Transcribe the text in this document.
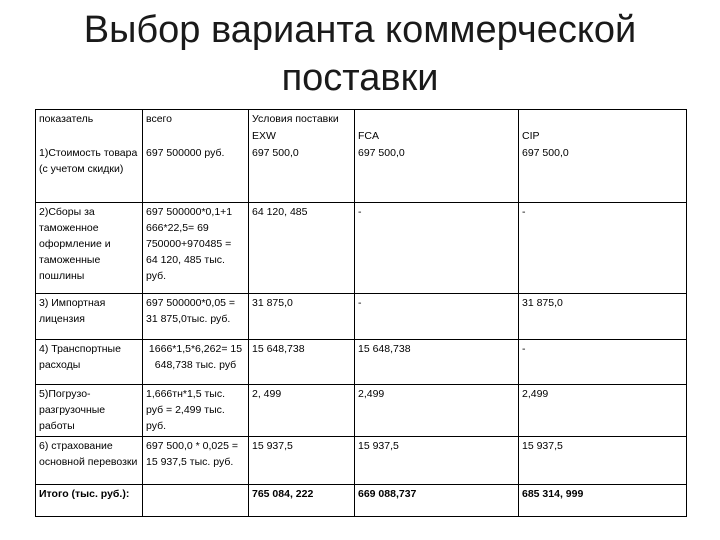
Выбор варианта коммерческой
поставки
показатель	всего	Условия поставки		
		EXW	FCA	CIP
1)Стоимость товара (с учетом скидки)	697 500000 руб.	697 500,0	697 500,0	697 500,0
2)Сборы за таможенное оформление и таможенные пошлины	697 500000*0,1+1 666*22,5= 69 750000+970485 = 64 120, 485 тыс. руб.	64 120, 485	-	-
3) Импортная лицензия	697 500000*0,05 = 31 875,0тыс. руб.	31 875,0	-	31 875,0
4) Транспортные расходы	1666*1,5*6,262= 15 648,738 тыс. руб	15 648,738	15 648,738	-
5)Погрузо-разгрузочные работы	1,666тн*1,5 тыс. руб = 2,499 тыс. руб.	2, 499	2,499	2,499
6) страхование основной перевозки	697 500,0 * 0,025 = 15 937,5 тыс. руб.	15 937,5	15 937,5	15 937,5
Итого (тыс. руб.):		765 084, 222	669 088,737	685 314, 999
